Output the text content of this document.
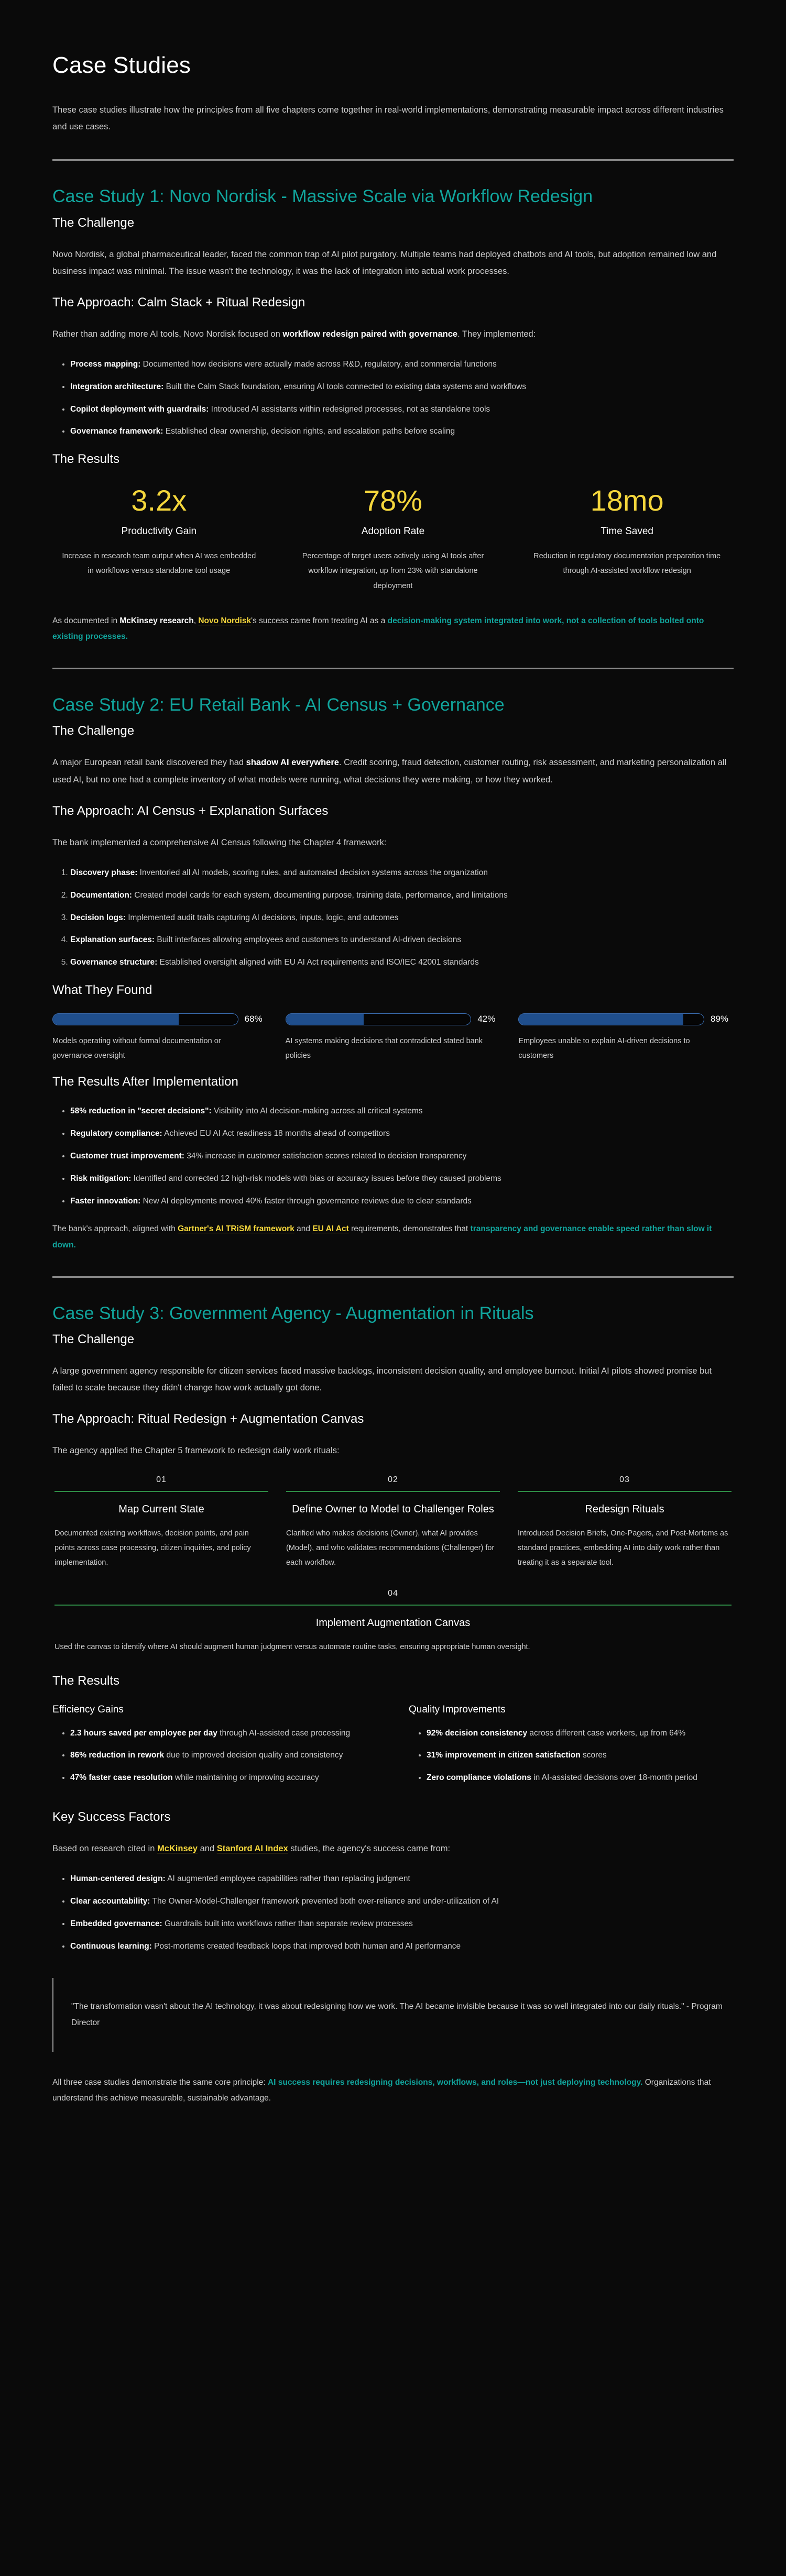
Case Studies

These case studies illustrate how the principles from all five chapters come together in real-world implementations, demonstrating measurable impact across different industries and use cases.

Case Study 1: Novo Nordisk - Massive Scale via Workflow Redesign
The Challenge

Novo Nordisk, a global pharmaceutical leader, faced the common trap of AI pilot purgatory. Multiple teams had deployed chatbots and AI tools, but adoption remained low and business impact was minimal. The issue wasn't the technology, it was the lack of integration into actual work processes.

The Approach: Calm Stack + Ritual Redesign

Rather than adding more AI tools, Novo Nordisk focused on workflow redesign paired with governance. They implemented:

• Process mapping: Documented how decisions were actually made across R&D, regulatory, and commercial functions
• Integration architecture: Built the Calm Stack foundation, ensuring AI tools connected to existing data systems and workflows
• Copilot deployment with guardrails: Introduced AI assistants within redesigned processes, not as standalone tools
• Governance framework: Established clear ownership, decision rights, and escalation paths before scaling
The Results
3.2x
Productivity Gain
Increase in research team output when AI was embedded in workflows versus standalone tool usage
78%
Adoption Rate
Percentage of target users actively using AI tools after workflow integration, up from 23% with standalone deployment
18mo
Time Saved
Reduction in regulatory documentation preparation time through AI-assisted workflow redesign

As documented in McKinsey research, Novo Nordisk's success came from treating AI as a decision-making system integrated into work, not a collection of tools bolted onto existing processes.

Case Study 2: EU Retail Bank - AI Census + Governance
The Challenge

A major European retail bank discovered they had shadow AI everywhere. Credit scoring, fraud detection, customer routing, risk assessment, and marketing personalization all used AI, but no one had a complete inventory of what models were running, what decisions they were making, or how they worked.

The Approach: AI Census + Explanation Surfaces

The bank implemented a comprehensive AI Census following the Chapter 4 framework:

1. Discovery phase: Inventoried all AI models, scoring rules, and automated decision systems across the organization
2. Documentation: Created model cards for each system, documenting purpose, training data, performance, and limitations
3. Decision logs: Implemented audit trails capturing AI decisions, inputs, logic, and outcomes
4. Explanation surfaces: Built interfaces allowing employees and customers to understand AI-driven decisions
5. Governance structure: Established oversight aligned with EU AI Act requirements and ISO/IEC 42001 standards
What They Found
68%
Models operating without formal documentation or governance oversight
42%
AI systems making decisions that contradicted stated bank policies
89%
Employees unable to explain AI-driven decisions to customers
The Results After Implementation
• 58% reduction in "secret decisions": Visibility into AI decision-making across all critical systems
• Regulatory compliance: Achieved EU AI Act readiness 18 months ahead of competitors
• Customer trust improvement: 34% increase in customer satisfaction scores related to decision transparency
• Risk mitigation: Identified and corrected 12 high-risk models with bias or accuracy issues before they caused problems
• Faster innovation: New AI deployments moved 40% faster through governance reviews due to clear standards

The bank's approach, aligned with Gartner's AI TRiSM framework and EU AI Act requirements, demonstrates that transparency and governance enable speed rather than slow it down.

Case Study 3: Government Agency - Augmentation in Rituals
The Challenge

A large government agency responsible for citizen services faced massive backlogs, inconsistent decision quality, and employee burnout. Initial AI pilots showed promise but failed to scale because they didn't change how work actually got done.

The Approach: Ritual Redesign + Augmentation Canvas

The agency applied the Chapter 5 framework to redesign daily work rituals:

01
Map Current State
Documented existing workflows, decision points, and pain points across case processing, citizen inquiries, and policy implementation.
02
Define Owner to Model to Challenger Roles
Clarified who makes decisions (Owner), what AI provides (Model), and who validates recommendations (Challenger) for each workflow.
03
Redesign Rituals
Introduced Decision Briefs, One-Pagers, and Post-Mortems as standard practices, embedding AI into daily work rather than treating it as a separate tool.
04
Implement Augmentation Canvas
Used the canvas to identify where AI should augment human judgment versus automate routine tasks, ensuring appropriate human oversight.
The Results
Efficiency Gains
• 2.3 hours saved per employee per day through AI-assisted case processing
• 86% reduction in rework due to improved decision quality and consistency
• 47% faster case resolution while maintaining or improving accuracy
Quality Improvements
• 92% decision consistency across different case workers, up from 64%
• 31% improvement in citizen satisfaction scores
• Zero compliance violations in AI-assisted decisions over 18-month period
Key Success Factors

Based on research cited in McKinsey and Stanford AI Index studies, the agency's success came from:

• Human-centered design: AI augmented employee capabilities rather than replacing judgment
• Clear accountability: The Owner-Model-Challenger framework prevented both over-reliance and under-utilization of AI
• Embedded governance: Guardrails built into workflows rather than separate review processes
• Continuous learning: Post-mortems created feedback loops that improved both human and AI performance

"The transformation wasn't about the AI technology, it was about redesigning how we work. The AI became invisible because it was so well integrated into our daily rituals." - Program Director

All three case studies demonstrate the same core principle: AI success requires redesigning decisions, workflows, and roles—not just deploying technology. Organizations that understand this achieve measurable, sustainable advantage.
